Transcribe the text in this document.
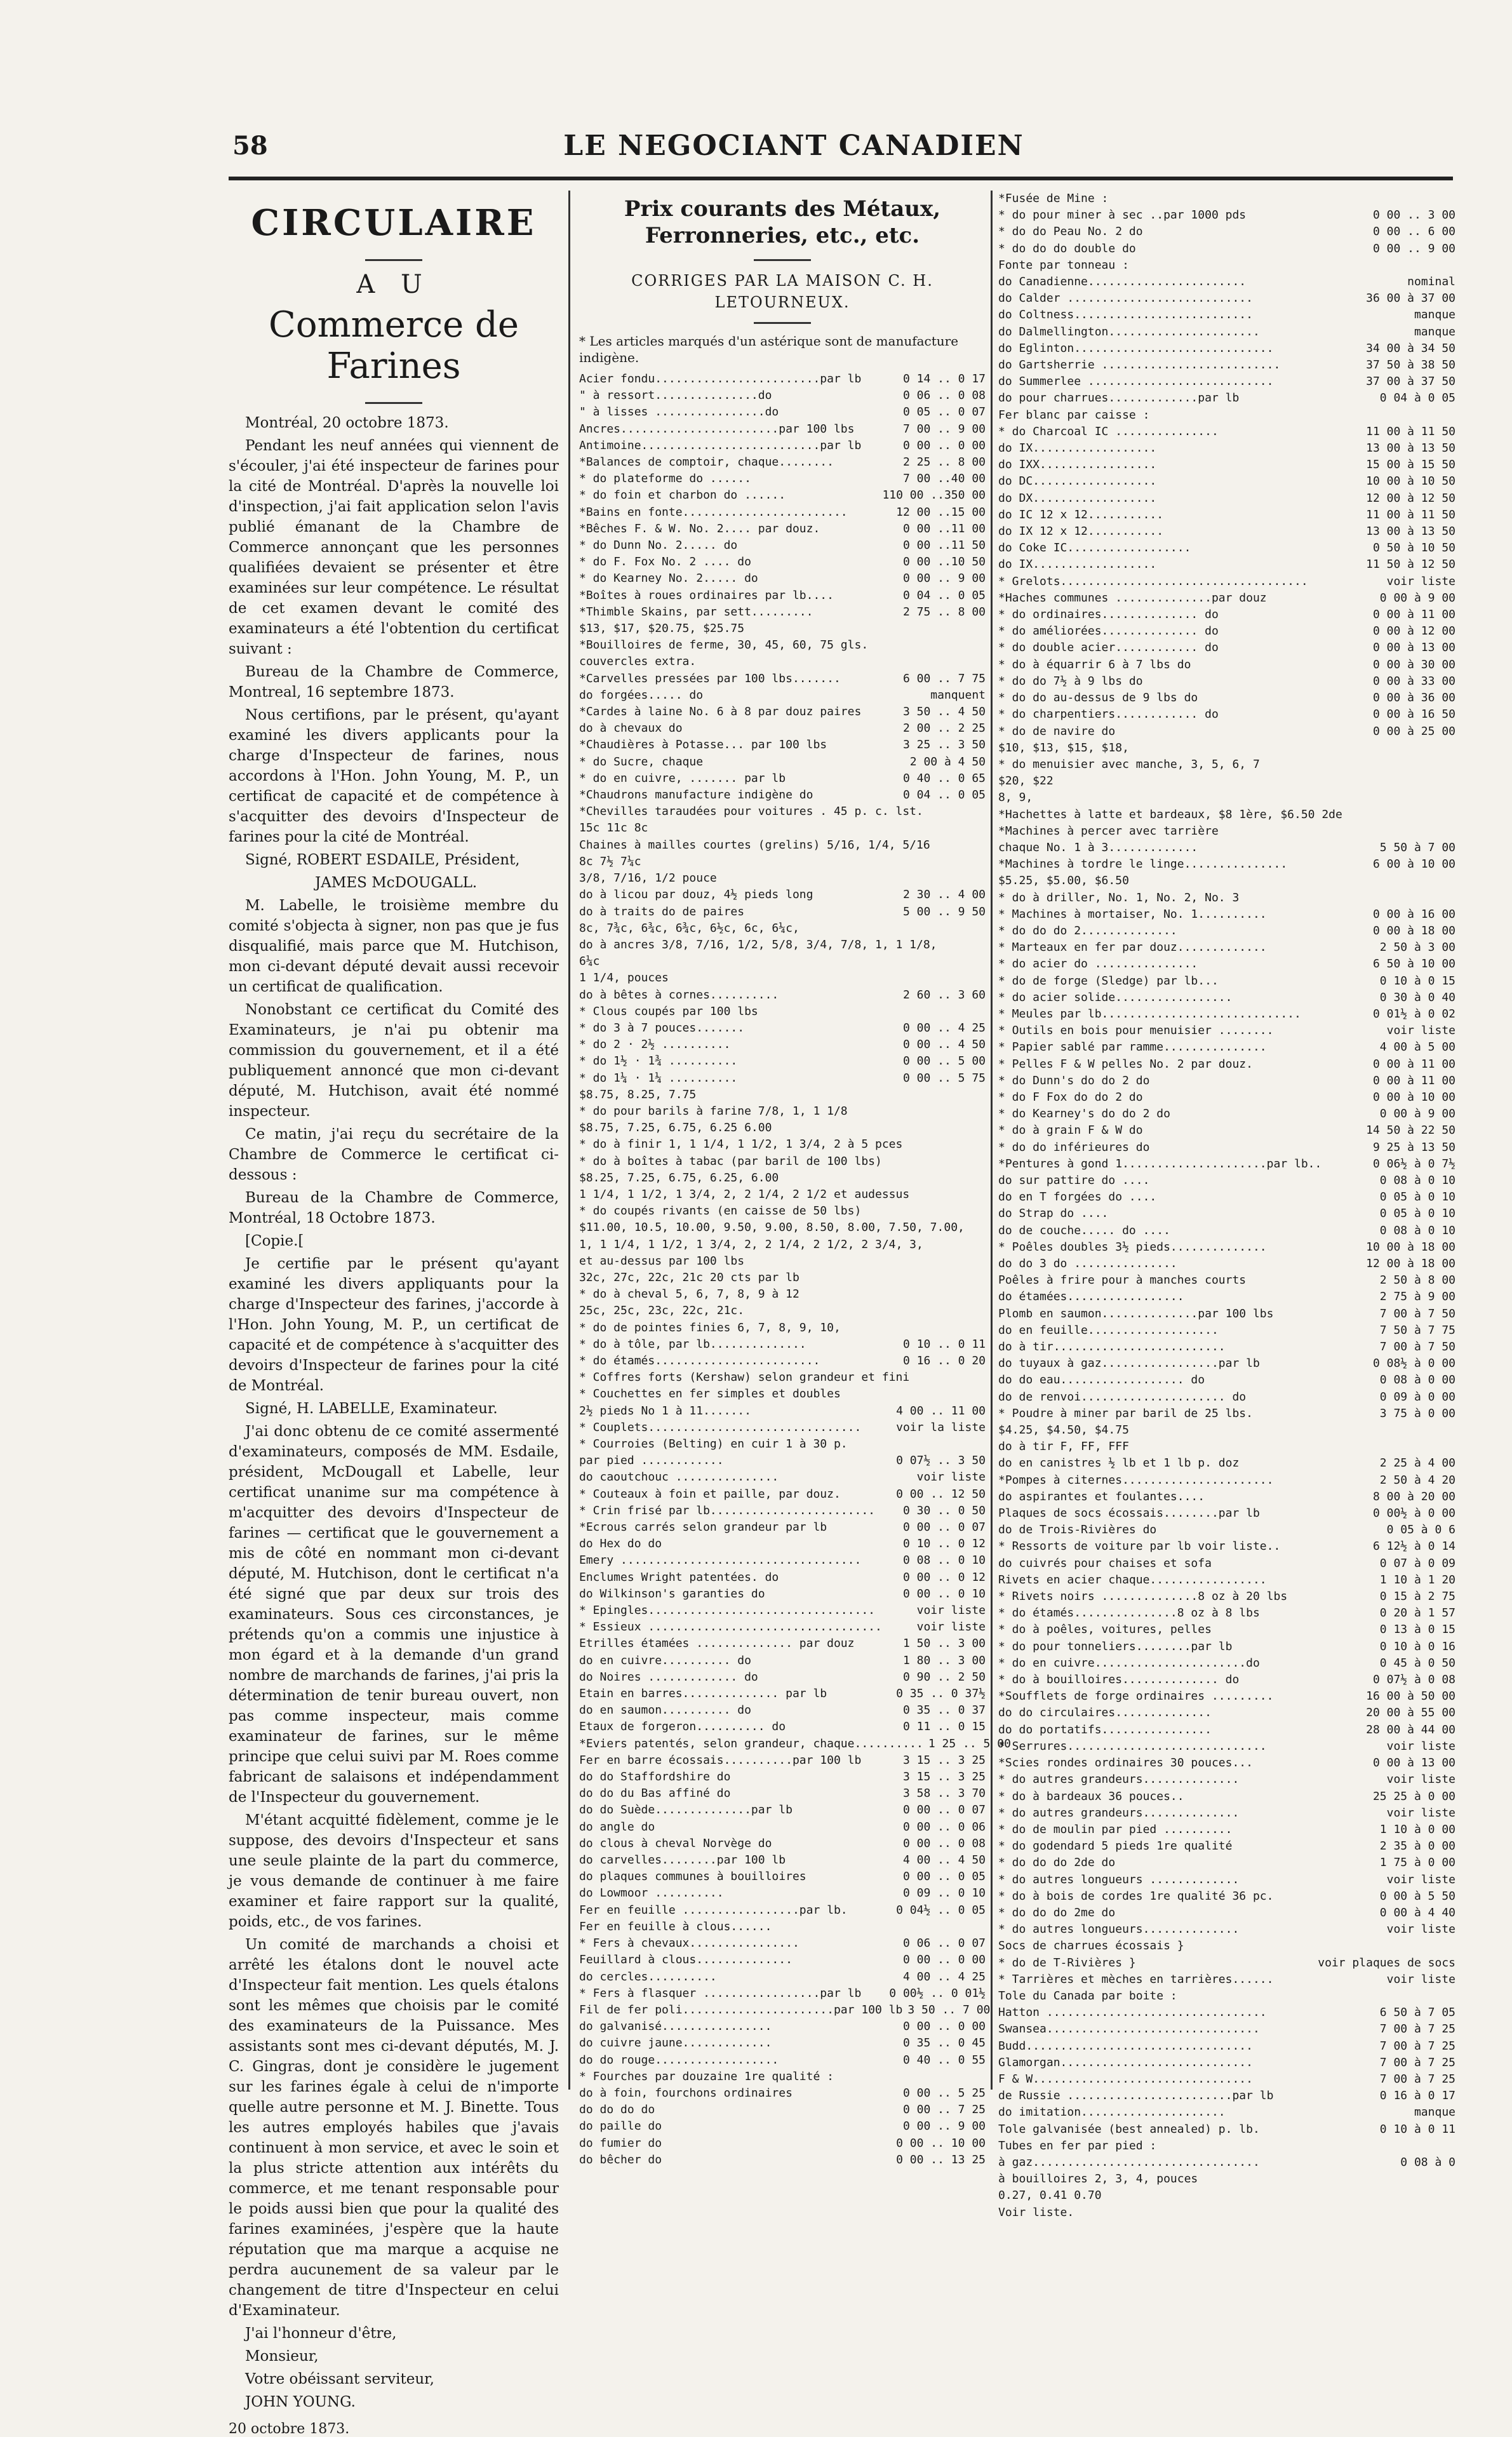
58	LE NEGOCIANT CANADIEN
CIRCULAIRE
A U
Commerce de Farines

Montréal, 20 octobre 1873.

Pendant les neuf années qui viennent de s'écouler, j'ai été inspecteur de farines pour la cité de Montréal. D'après la nouvelle loi d'inspection, j'ai fait application selon l'avis publié émanant de la Chambre de Commerce annonçant que les personnes qualifiées devaient se présenter et être examinées sur leur compétence. Le résultat de cet examen devant le comité des examinateurs a été l'obtention du certificat suivant :

Bureau de la Chambre de Commerce, Montreal, 16 septembre 1873.

Nous certifions, par le présent, qu'ayant examiné les divers applicants pour la charge d'Inspecteur de farines, nous accordons à l'Hon. John Young, M. P., un certificat de capacité et de compétence à s'acquitter des devoirs d'Inspecteur de farines pour la cité de Montréal.

Signé, ROBERT ESDAILE, Président,

JAMES McDOUGALL.

M. Labelle, le troisième membre du comité s'objecta à signer, non pas que je fus disqualifié, mais parce que M. Hutchison, mon ci-devant député devait aussi recevoir un certificat de qualification.

Nonobstant ce certificat du Comité des Examinateurs, je n'ai pu obtenir ma commission du gouvernement, et il a été publiquement annoncé que mon ci-devant député, M. Hutchison, avait été nommé inspecteur.

Ce matin, j'ai reçu du secrétaire de la Chambre de Commerce le certificat ci-dessous :

Bureau de la Chambre de Commerce, Montréal, 18 Octobre 1873.

[Copie.[

Je certifie par le présent qu'ayant examiné les divers appliquants pour la charge d'Inspecteur des farines, j'accorde à l'Hon. John Young, M. P., un certificat de capacité et de compétence à s'acquitter des devoirs d'Inspecteur de farines pour la cité de Montréal.

Signé, H. LABELLE, Examinateur.

J'ai donc obtenu de ce comité assermenté d'examinateurs, composés de MM. Esdaile, président, McDougall et Labelle, leur certificat unanime sur ma compétence à m'acquitter des devoirs d'Inspecteur de farines — certificat que le gouvernement a mis de côté en nommant mon ci-devant député, M. Hutchison, dont le certificat n'a été signé que par deux sur trois des examinateurs. Sous ces circonstances, je prétends qu'on a commis une injustice à mon égard et à la demande d'un grand nombre de marchands de farines, j'ai pris la détermination de tenir bureau ouvert, non pas comme inspecteur, mais comme examinateur de farines, sur le même principe que celui suivi par M. Roes comme fabricant de salaisons et indépendamment de l'Inspecteur du gouvernement.

M'étant acquitté fidèlement, comme je le suppose, des devoirs d'Inspecteur et sans une seule plainte de la part du commerce, je vous demande de continuer à me faire examiner et faire rapport sur la qualité, poids, etc., de vos farines.

Un comité de marchands a choisi et arrêté les étalons dont le nouvel acte d'Inspecteur fait mention. Les quels étalons sont les mêmes que choisis par le comité des examinateurs de la Puissance. Mes assistants sont mes ci-devant députés, M. J. C. Gingras, dont je considère le jugement sur les farines égale à celui de n'importe quelle autre personne et M. J. Binette. Tous les autres employés habiles que j'avais continuent à mon service, et avec le soin et la plus stricte attention aux intérêts du commerce, et me tenant responsable pour le poids aussi bien que pour la qualité des farines examinées, j'espère que la haute réputation que ma marque a acquise ne perdra aucunement de sa valeur par le changement de titre d'Inspecteur en celui d'Examinateur.

J'ai l'honneur d'être,

Monsieur,

Votre obéissant serviteur,

JOHN YOUNG.

20 octobre 1873.
Prix courants des Métaux, Ferronneries, etc., etc.
CORRIGES PAR LA MAISON C. H. LETOURNEUX.

* Les articles marqués d'un astérique sont de manufacture indigène.

Acier fondu........................par lb	0 14 .. 0 17
" à ressort...............do	0 06 .. 0 08
" à lisses ................do	0 05 .. 0 07
Ancres.......................par 100 lbs	7 00 .. 9 00
Antimoine..........................par lb	0 00 .. 0 00
*Balances de comptoir, chaque........	2 25 .. 8 00
* do plateforme do ......	7 00 ..40 00
* do foin et charbon do ......	110 00 ..350 00
*Bains en fonte........................	12 00 ..15 00
*Bêches F. & W. No. 2.... par douz.	0 00 ..11 00
* do Dunn No. 2..... do	0 00 ..11 50
* do F. Fox No. 2 .... do	0 00 ..10 50
* do Kearney No. 2..... do	0 00 .. 9 00
*Boîtes à roues ordinaires par lb....	0 04 .. 0 05
*Thimble Skains, par sett.........	2 75 .. 8 00
$13, $17, $20.75, $25.75
*Bouilloires de ferme, 30, 45, 60, 75 gls.
couvercles extra.
*Carvelles pressées par 100 lbs.......	6 00 .. 7 75
do forgées..... do	manquent
*Cardes à laine No. 6 à 8 par douz paires	3 50 .. 4 50
do à chevaux do	2 00 .. 2 25
*Chaudières à Potasse... par 100 lbs	3 25 .. 3 50
* do Sucre, chaque	2 00 à 4 50
* do en cuivre, ....... par lb	0 40 .. 0 65
*Chaudrons manufacture indigène do	0 04 .. 0 05
*Chevilles taraudées pour voitures . 45 p. c. lst.
15c 11c 8c
Chaines à mailles courtes (grelins) 5/16, 1/4, 5/16
8c 7½ 7¼c
3/8, 7/16, 1/2 pouce
do à licou par douz, 4½ pieds long	2 30 .. 4 00
do à traits do de paires	5 00 .. 9 50
8c, 7¾c, 6¾c, 6¾c, 6½c, 6c, 6¼c,
do à ancres 3/8, 7/16, 1/2, 5/8, 3/4, 7/8, 1, 1 1/8,
6¼c
1 1/4, pouces
do à bêtes à cornes..........	2 60 .. 3 60
* Clous coupés par 100 lbs
* do 3 à 7 pouces.......	0 00 .. 4 25
* do 2 · 2½ ..........	0 00 .. 4 50
* do 1½ · 1¾ ..........	0 00 .. 5 00
* do 1¼ · 1¼ ..........	0 00 .. 5 75
$8.75, 8.25, 7.75
* do pour barils à farine 7/8, 1, 1 1/8
$8.75, 7.25, 6.75, 6.25 6.00
* do à finir 1, 1 1/4, 1 1/2, 1 3/4, 2 à 5 pces
* do à boîtes à tabac (par baril de 100 lbs)
$8.25, 7.25, 6.75, 6.25, 6.00
1 1/4, 1 1/2, 1 3/4, 2, 2 1/4, 2 1/2 et audessus
* do coupés rivants (en caisse de 50 lbs)
$11.00, 10.5, 10.00, 9.50, 9.00, 8.50, 8.00, 7.50, 7.00,
1, 1 1/4, 1 1/2, 1 3/4, 2, 2 1/4, 2 1/2, 2 3/4, 3,
et au-dessus par 100 lbs
32c, 27c, 22c, 21c 20 cts par lb
* do à cheval 5, 6, 7, 8, 9 à 12
25c, 25c, 23c, 22c, 21c.
* do de pointes finies 6, 7, 8, 9, 10,
* do à tôle, par lb..............	0 10 .. 0 11
* do étamés........................	0 16 .. 0 20
* Coffres forts (Kershaw) selon grandeur et fini
* Couchettes en fer simples et doubles
2½ pieds No 1 à 11.......	4 00 .. 11 00
* Couplets...............................	voir la liste
* Courroies (Belting) en cuir 1 à 30 p.
par pied ............	0 07½ .. 3 50
do caoutchouc ...............	voir liste
* Couteaux à foin et paille, par douz.	0 00 .. 12 50
* Crin frisé par lb........................	0 30 .. 0 50
*Ecrous carrés selon grandeur par lb	0 00 .. 0 07
do Hex do do	0 10 .. 0 12
Emery ...................................	0 08 .. 0 10
Enclumes Wright patentées. do	0 00 .. 0 12
do Wilkinson's garanties do	0 00 .. 0 10
* Epingles.................................	voir liste
* Essieux ..................................	voir liste
Etrilles étamées .............. par douz	1 50 .. 3 00
do en cuivre.......... do	1 80 .. 3 00
do Noires ............. do	0 90 .. 2 50
Etain en barres.............. par lb	0 35 .. 0 37½
do en saumon.......... do	0 35 .. 0 37
Etaux de forgeron.......... do	0 11 .. 0 15
*Eviers patentés, selon grandeur, chaque.......... 1 25 .. 5 00
Fer en barre écossais..........par 100 lb	3 15 .. 3 25
do do Staffordshire do	3 15 .. 3 25
do do du Bas affiné do	3 58 .. 3 70
do do Suède..............par lb	0 00 .. 0 07
do angle do	0 00 .. 0 06
do clous à cheval Norvège do	0 00 .. 0 08
do carvelles........par 100 lb	4 00 .. 4 50
do plaques communes à bouilloires	0 00 .. 0 05
do Lowmoor ..........	0 09 .. 0 10
Fer en feuille .................par lb.	0 04½ .. 0 05
Fer en feuille à clous......
* Fers à chevaux................	0 06 .. 0 07
Feuillard à clous..............	0 00 .. 0 00
do cercles..........	4 00 .. 4 25
* Fers à flasquer .................par lb	0 00½ .. 0 01½
Fil de fer poli......................par 100 lb 3 50 .. 7 00
do galvanisé................	0 00 .. 0 00
do cuivre jaune.............	0 35 .. 0 45
do do rouge..................	0 40 .. 0 55
* Fourches par douzaine 1re qualité :
do à foin, fourchons ordinaires	0 00 .. 5 25
do do do do	0 00 .. 7 25
do paille do	0 00 .. 9 00
do fumier do	0 00 .. 10 00
do bêcher do	0 00 .. 13 25
*Fusée de Mine :
* do pour miner à sec ..par 1000 pds	0 00 .. 3 00
* do do Peau No. 2 do	0 00 .. 6 00
* do do do double do	0 00 .. 9 00
Fonte par tonneau :
do Canadienne.......................	nominal
do Calder ...........................	36 00 à 37 00
do Coltness..........................	manque
do Dalmellington......................	manque
do Eglinton.............................	34 00 à 34 50
do Gartsherrie ..........................	37 50 à 38 50
do Summerlee ...........................	37 00 à 37 50
do pour charrues.............par lb	0 04 à 0 05
Fer blanc par caisse :
* do Charcoal IC ...............	11 00 à 11 50
do IX..................	13 00 à 13 50
do IXX.................	15 00 à 15 50
do DC..................	10 00 à 10 50
do DX..................	12 00 à 12 50
do IC 12 x 12...........	11 00 à 11 50
do IX 12 x 12...........	13 00 à 13 50
do Coke IC..................	0 50 à 10 50
do IX..................	11 50 à 12 50
* Grelots....................................	voir liste
*Haches communes ..............par douz	0 00 à 9 00
* do ordinaires.............. do	0 00 à 11 00
* do améliorées.............. do	0 00 à 12 00
* do double acier............ do	0 00 à 13 00
* do à équarrir 6 à 7 lbs do	0 00 à 30 00
* do do 7½ à 9 lbs do	0 00 à 33 00
* do do au-dessus de 9 lbs do	0 00 à 36 00
* do charpentiers............ do	0 00 à 16 50
* do de navire do	0 00 à 25 00
$10, $13, $15, $18,
* do menuisier avec manche, 3, 5, 6, 7
$20, $22
8, 9,
*Hachettes à latte et bardeaux, $8 1ère, $6.50 2de
*Machines à percer avec tarrière
chaque No. 1 à 3.............	5 50 à 7 00
*Machines à tordre le linge...............	6 00 à 10 00
$5.25, $5.00, $6.50
* do à driller, No. 1, No. 2, No. 3
* Machines à mortaiser, No. 1..........	0 00 à 16 00
* do do do 2..............	0 00 à 18 00
* Marteaux en fer par douz.............	2 50 à 3 00
* do acier do ...............	6 50 à 10 00
* do de forge (Sledge) par lb...	0 10 à 0 15
* do acier solide.................	0 30 à 0 40
* Meules par lb.............................	0 01½ à 0 02
* Outils en bois pour menuisier ........	voir liste
* Papier sablé par ramme...............	4 00 à 5 00
* Pelles F & W pelles No. 2 par douz.	0 00 à 11 00
* do Dunn's do do 2 do	0 00 à 11 00
* do F Fox do do 2 do	0 00 à 10 00
* do Kearney's do do 2 do	0 00 à 9 00
* do à grain F & W do	14 50 à 22 50
* do do inférieures do	9 25 à 13 50
*Pentures à gond 1.....................par lb..	0 06½ à 0 7½
do sur pattire do ....	0 08 à 0 10
do en T forgées do ....	0 05 à 0 10
do Strap do ....	0 05 à 0 10
do de couche..... do ....	0 08 à 0 10
* Poêles doubles 3½ pieds..............	10 00 à 18 00
do do 3 do ...............	12 00 à 18 00
Poêles à frire pour à manches courts	2 50 à 8 00
do étamées.................	2 75 à 9 00
Plomb en saumon..............par 100 lbs	7 00 à 7 50
do en feuille...................	7 50 à 7 75
do à tir.........................	7 00 à 7 50
do tuyaux à gaz.................par lb	0 08½ à 0 00
do do eau.................. do	0 08 à 0 00
do de renvoi..................... do	0 09 à 0 00
* Poudre à miner par baril de 25 lbs.	3 75 à 0 00
$4.25, $4.50, $4.75
do à tir F, FF, FFF
do en canistres ½ lb et 1 lb p. doz	2 25 à 4 00
*Pompes à citernes......................	2 50 à 4 20
do aspirantes et foulantes....	8 00 à 20 00
Plaques de socs écossais........par lb	0 00½ à 0 00
do de Trois-Rivières do	0 05 à 0 6
* Ressorts de voiture par lb voir liste..	6 12½ à 0 14
do cuivrés pour chaises et sofa	0 07 à 0 09
Rivets en acier chaque.................	1 10 à 1 20
* Rivets noirs ..............8 oz à 20 lbs	0 15 à 2 75
* do étamés...............8 oz à 8 lbs	0 20 à 1 57
* do à poêles, voitures, pelles	0 13 à 0 15
* do pour tonneliers........par lb	0 10 à 0 16
* do en cuivre......................do	0 45 à 0 50
* do à bouilloires.............. do	0 07½ à 0 08
*Soufflets de forge ordinaires .........	16 00 à 50 00
do do circulaires..............	20 00 à 55 00
do do portatifs................	28 00 à 44 00
* Serrures.............................	voir liste
*Scies rondes ordinaires 30 pouces...	0 00 à 13 00
* do autres grandeurs..............	voir liste
* do à bardeaux 36 pouces..	25 25 à 0 00
* do autres grandeurs..............	voir liste
* do de moulin par pied ..........	1 10 à 0 00
* do godendard 5 pieds 1re qualité	2 35 à 0 00
* do do do 2de do	1 75 à 0 00
* do autres longueurs .............	voir liste
* do à bois de cordes 1re qualité 36 pc.	0 00 à 5 50
* do do do 2me do	0 00 à 4 40
* do autres longueurs..............	voir liste
Socs de charrues écossais }
* do de T-Rivières }	voir plaques de socs
* Tarrières et mèches en tarrières......	voir liste
Tole du Canada par boite :
Hatton ................................	6 50 à 7 05
Swansea...............................	7 00 à 7 25
Budd.................................	7 00 à 7 25
Glamorgan............................	7 00 à 7 25
F & W................................	7 00 à 7 25
de Russie ........................par lb	0 16 à 0 17
do imitation.....................	manque
Tole galvanisée (best annealed) p. lb.	0 10 à 0 11
Tubes en fer par pied :
à gaz.................................	0 08 à 0
à bouilloires 2, 3, 4, pouces
0.27, 0.41 0.70
Voir liste.
